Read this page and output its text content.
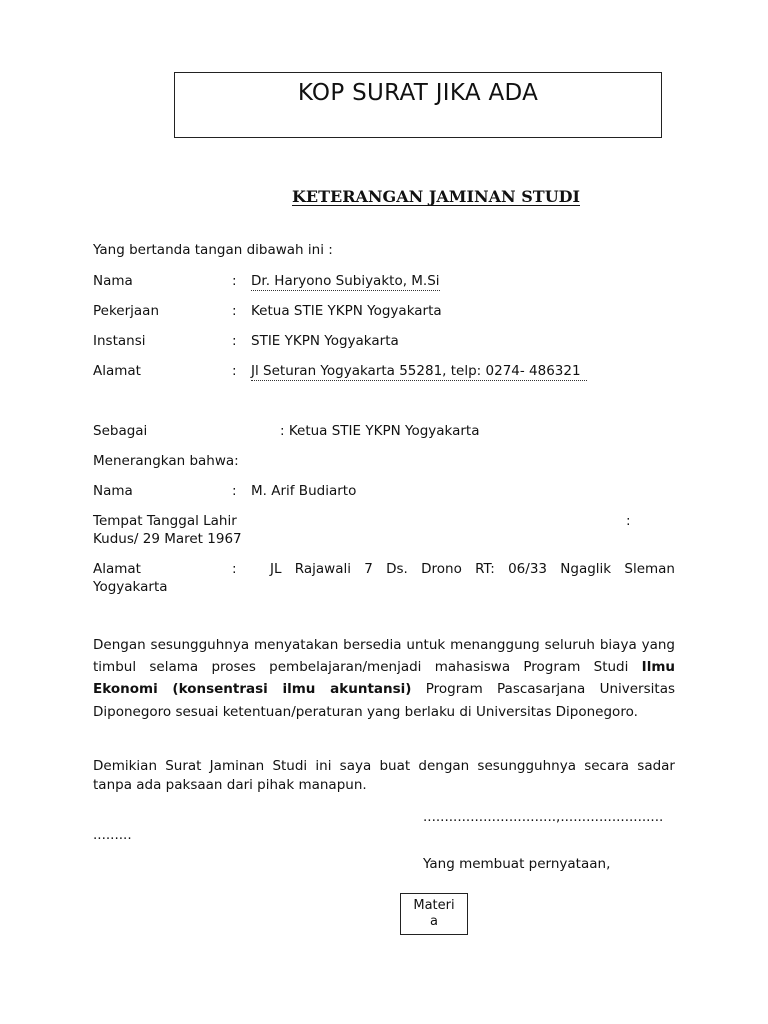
KOP SURAT JIKA ADA
KETERANGAN JAMINAN STUDI
Yang bertanda tangan dibawah ini :
Nama	: Dr. Haryono Subiyakto, M.Si
Pekerjaan	: Ketua STIE YKPN Yogyakarta
Instansi	: STIE YKPN Yogyakarta
Alamat	: Jl Seturan Yogyakarta 55281, telp: 0274- 486321
Sebagai	: Ketua STIE YKPN Yogyakarta
Menerangkan bahwa:
Nama	: M. Arif Budiarto
Tempat Tanggal Lahir	:
Kudus/ 29 Maret 1967
Alamat	: JL Rajawali 7 Ds. Drono RT: 06/33 Ngaglik Sleman
Yogyakarta
Dengan sesungguhnya menyatakan bersedia untuk menanggung seluruh biaya yang timbul selama proses pembelajaran/menjadi mahasiswa Program Studi Ilmu Ekonomi (konsentrasi ilmu akuntansi) Program Pascasarjana Universitas Diponegoro sesuai ketentuan/peraturan yang berlaku di Universitas Diponegoro.
Demikian Surat Jaminan Studi ini saya buat dengan sesungguhnya secara sadar tanpa ada paksaan dari pihak manapun.
...............................,........................
.........
Yang membuat pernyataan,
Materi
a
